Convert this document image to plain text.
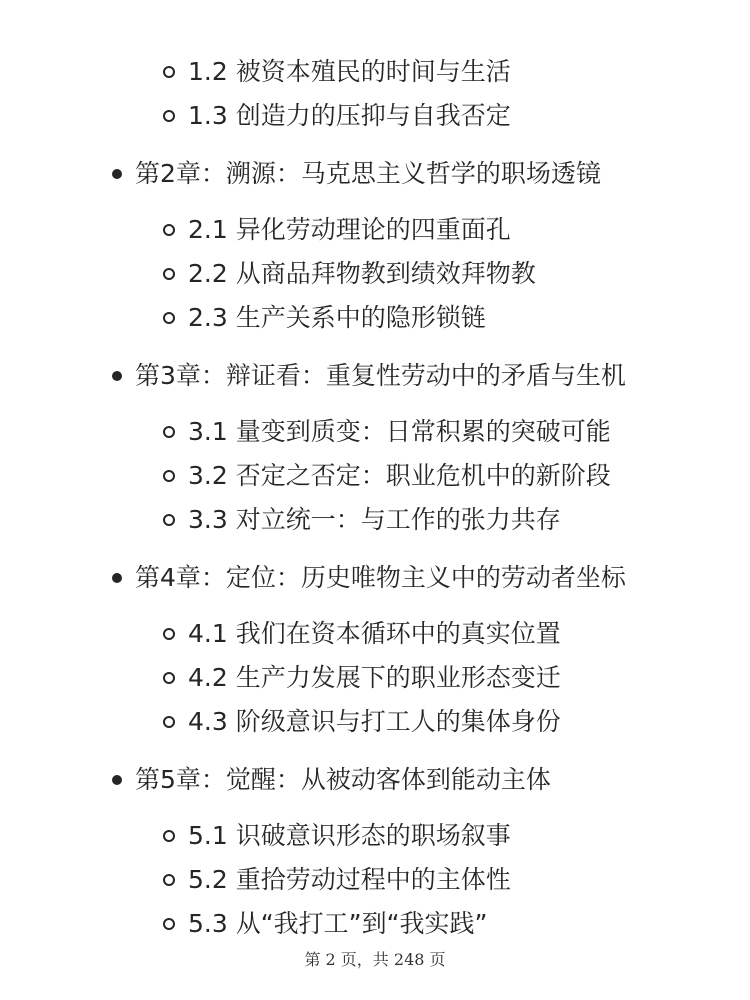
1.2 被资本殖民的时间与生活
1.3 创造力的压抑与自我否定
第2章：溯源：马克思主义哲学的职场透镜
2.1 异化劳动理论的四重面孔
2.2 从商品拜物教到绩效拜物教
2.3 生产关系中的隐形锁链
第3章：辩证看：重复性劳动中的矛盾与生机
3.1 量变到质变：日常积累的突破可能
3.2 否定之否定：职业危机中的新阶段
3.3 对立统一：与工作的张力共存
第4章：定位：历史唯物主义中的劳动者坐标
4.1 我们在资本循环中的真实位置
4.2 生产力发展下的职业形态变迁
4.3 阶级意识与打工人的集体身份
第5章：觉醒：从被动客体到能动主体
5.1 识破意识形态的职场叙事
5.2 重拾劳动过程中的主体性
5.3 从“我打工”到“我实践”
第 2 页，共 248 页
